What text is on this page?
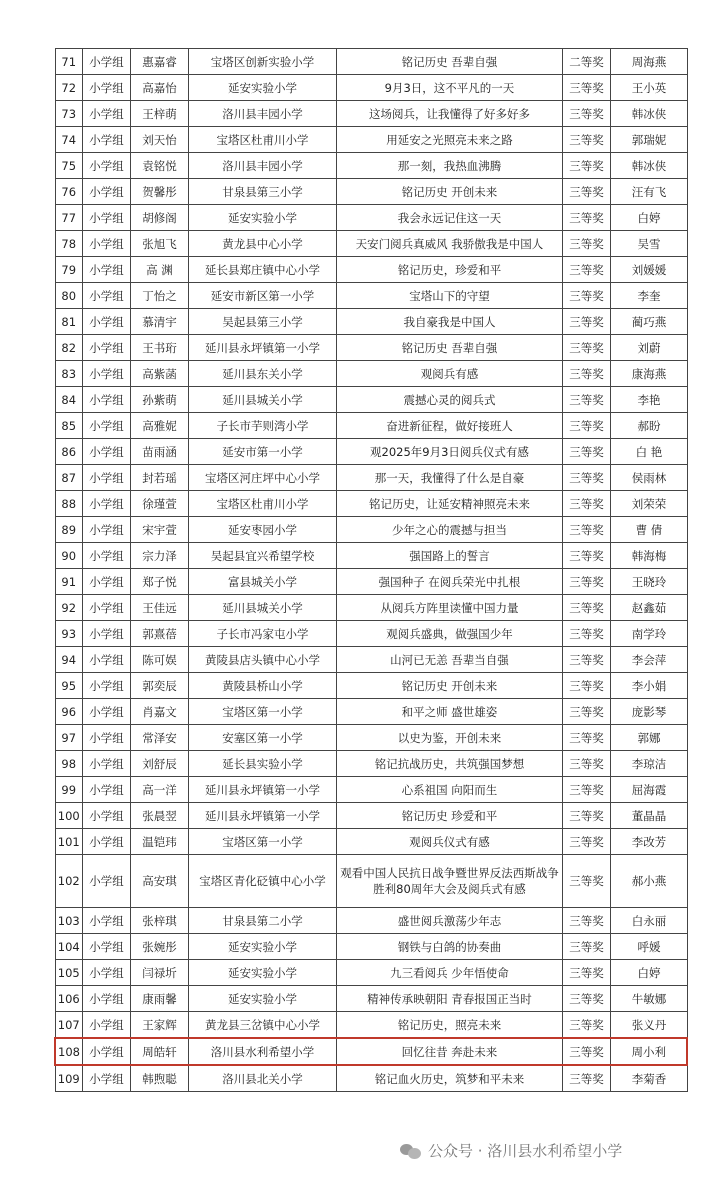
71	小学组	惠嘉睿	宝塔区创新实验小学	铭记历史 吾辈自强	二等奖	周海燕
72	小学组	高嘉怡	延安实验小学	9月3日，这不平凡的一天	三等奖	王小英
73	小学组	王梓萌	洛川县丰园小学	这场阅兵，让我懂得了好多好多	三等奖	韩冰侠
74	小学组	刘天怡	宝塔区杜甫川小学	用延安之光照亮未来之路	三等奖	郭瑞妮
75	小学组	袁铭悦	洛川县丰园小学	那一刻，我热血沸腾	三等奖	韩冰侠
76	小学组	贺馨彤	甘泉县第三小学	铭记历史 开创未来	三等奖	汪有飞
77	小学组	胡修阁	延安实验小学	我会永远记住这一天	三等奖	白婷
78	小学组	张旭飞	黄龙县中心小学	天安门阅兵真威风 我骄傲我是中国人	三等奖	吴雪
79	小学组	高 渊	延长县郑庄镇中心小学	铭记历史，珍爱和平	三等奖	刘媛媛
80	小学组	丁怡之	延安市新区第一小学	宝塔山下的守望	三等奖	李奎
81	小学组	慕清宇	吴起县第三小学	我自豪我是中国人	三等奖	蔺巧燕
82	小学组	王书珩	延川县永坪镇第一小学	铭记历史 吾辈自强	三等奖	刘蔚
83	小学组	高紫菡	延川县东关小学	观阅兵有感	三等奖	康海燕
84	小学组	孙紫萌	延川县城关小学	震撼心灵的阅兵式	三等奖	李艳
85	小学组	高雅妮	子长市芋则湾小学	奋进新征程，做好接班人	三等奖	郝盼
86	小学组	苗雨涵	延安市第一小学	观2025年9月3日阅兵仪式有感	三等奖	白 艳
87	小学组	封若瑶	宝塔区河庄坪中心小学	那一天，我懂得了什么是自豪	三等奖	侯雨林
88	小学组	徐瑾萱	宝塔区杜甫川小学	铭记历史，让延安精神照亮未来	三等奖	刘荣荣
89	小学组	宋宇萱	延安枣园小学	少年之心的震撼与担当	三等奖	曹 倩
90	小学组	宗力泽	吴起县宜兴希望学校	强国路上的誓言	三等奖	韩海梅
91	小学组	郑子悦	富县城关小学	强国种子 在阅兵荣光中扎根	三等奖	王晓玲
92	小学组	王佳远	延川县城关小学	从阅兵方阵里读懂中国力量	三等奖	赵鑫茹
93	小学组	郭熹蓓	子长市冯家屯小学	观阅兵盛典，做强国少年	三等奖	南学玲
94	小学组	陈可娱	黄陵县店头镇中心小学	山河已无恙 吾辈当自强	三等奖	李会萍
95	小学组	郭奕辰	黄陵县桥山小学	铭记历史 开创未来	三等奖	李小娟
96	小学组	肖嘉文	宝塔区第一小学	和平之师 盛世雄姿	三等奖	庞影琴
97	小学组	常泽安	安塞区第一小学	以史为鉴，开创未来	三等奖	郭娜
98	小学组	刘舒辰	延长县实验小学	铭记抗战历史，共筑强国梦想	三等奖	李琼洁
99	小学组	高一洋	延川县永坪镇第一小学	心系祖国 向阳而生	三等奖	屈海霞
100	小学组	张晨翌	延川县永坪镇第一小学	铭记历史 珍爱和平	三等奖	董晶晶
101	小学组	温铠玮	宝塔区第一小学	观阅兵仪式有感	三等奖	李改芳
102	小学组	高安琪	宝塔区青化砭镇中心小学	观看中国人民抗日战争暨世界反法西斯战争胜利80周年大会及阅兵式有感	三等奖	郝小燕
103	小学组	张梓琪	甘泉县第二小学	盛世阅兵激荡少年志	三等奖	白永丽
104	小学组	张婉彤	延安实验小学	钢铁与白鸽的协奏曲	三等奖	呼媛
105	小学组	闫禄圻	延安实验小学	九三看阅兵 少年悟使命	三等奖	白婷
106	小学组	康雨馨	延安实验小学	精神传承映朝阳 青春报国正当时	三等奖	牛敏娜
107	小学组	王家辉	黄龙县三岔镇中心小学	铭记历史，照亮未来	三等奖	张义丹
108	小学组	周皓轩	洛川县水利希望小学	回忆往昔 奔赴未来	三等奖	周小利
109	小学组	韩煦聪	洛川县北关小学	铭记血火历史，筑梦和平未来	三等奖	李菊香
公众号 · 洛川县水利希望小学
